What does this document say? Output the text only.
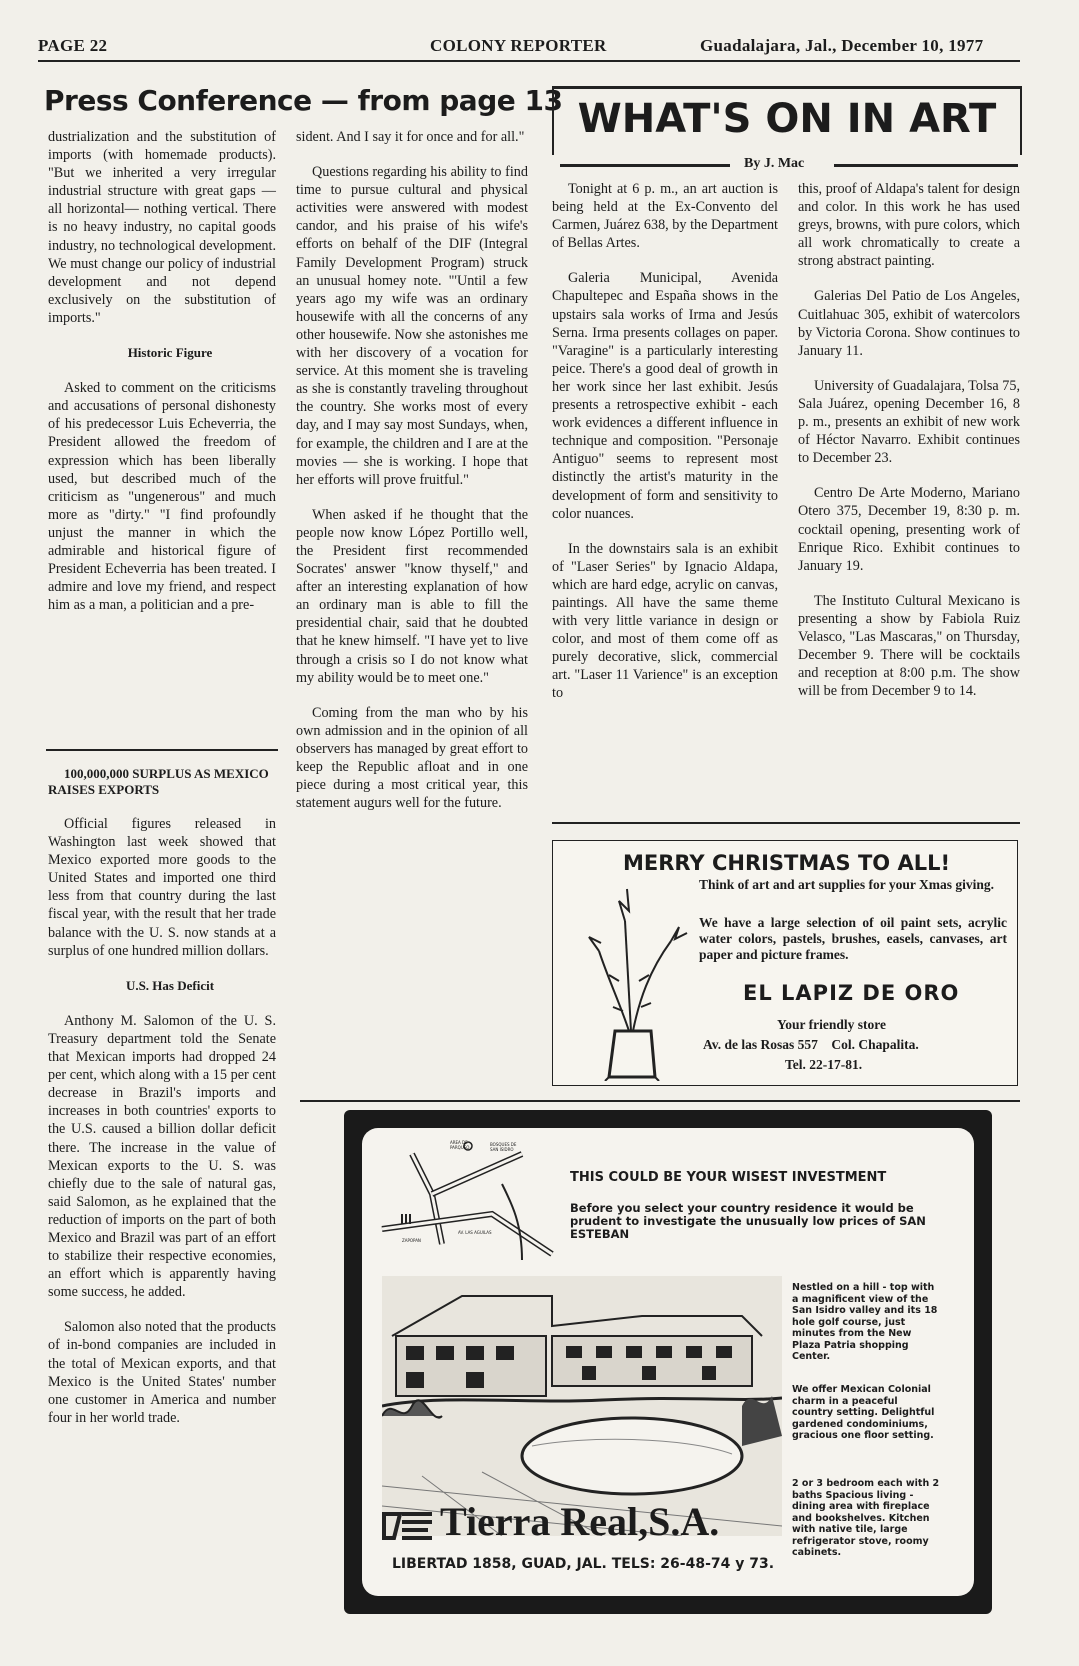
PAGE 22	COLONY REPORTER	Guadalajara, Jal., December 10, 1977
Press Conference — from page 13

dustrialization and the substitution of imports (with homemade products). "But we inherited a very irregular industrial structure with great gaps —all horizontal— nothing vertical. There is no heavy industry, no capital goods industry, no technological development. We must change our policy of industrial development and not depend exclusively on the substitution of imports."

Historic Figure

Asked to comment on the criticisms and accusations of personal dishonesty of his predecessor Luis Echeverria, the President allowed the freedom of expression which has been liberally used, but described much of the criticism as "ungenerous" and much more as "dirty." "I find profoundly unjust the manner in which the admirable and historical figure of President Echeverria has been treated. I admire and love my friend, and respect him as a man, a politician and a pre-

sident. And I say it for once and for all."

Questions regarding his ability to find time to pursue cultural and physical activities were answered with modest candor, and his praise of his wife's efforts on behalf of the DIF (Integral Family Development Program) struck an unusual homey note. "'Until a few years ago my wife was an ordinary housewife with all the concerns of any other housewife. Now she astonishes me with her discovery of a vocation for service. At this moment she is traveling as she is constantly traveling throughout the country. She works most of every day, and I may say most Sundays, when, for example, the children and I are at the movies — she is working. I hope that her efforts will prove fruitful."

When asked if he thought that the people now know López Portillo well, the President first recommended Socrates' answer "know thyself," and after an interesting explanation of how an ordinary man is able to fill the presidential chair, said that he doubted that he knew himself. "I have yet to live through a crisis so I do not know what my ability would be to meet one."

Coming from the man who by his own admission and in the opinion of all observers has managed by great effort to keep the Republic afloat and in one piece during a most critical year, this statement augurs well for the future.

100,000,000 SURPLUS AS MEXICO RAISES EXPORTS

Official figures released in Washington last week showed that Mexico exported more goods to the United States and imported one third less from that country during the last fiscal year, with the result that her trade balance with the U. S. now stands at a surplus of one hundred million dollars.

U.S. Has Deficit

Anthony M. Salomon of the U. S. Treasury department told the Senate that Mexican imports had dropped 24 per cent, which along with a 15 per cent decrease in Brazil's imports and increases in both countries' exports to the U.S. caused a billion dollar deficit there. The increase in the value of Mexican exports to the U. S. was chiefly due to the sale of natural gas, said Salomon, as he explained that the reduction of imports on the part of both Mexico and Brazil was part of an effort to stabilize their respective economies, an effort which is apparently having some success, he added.

Salomon also noted that the products of in-bond companies are included in the total of Mexican exports, and that Mexico is the United States' number one customer in America and number four in her world trade.

WHAT'S ON IN ART
By J. Mac

Tonight at 6 p. m., an art auction is being held at the Ex-Convento del Carmen, Juárez 638, by the Department of Bellas Artes.

Galeria Municipal, Avenida Chapultepec and España shows in the upstairs sala works of Irma and Jesús Serna. Irma presents collages on paper. "Varagine" is a particularly interesting peice. There's a good deal of growth in her work since her last exhibit. Jesús presents a retrospective exhibit - each work evidences a different influence in technique and composition. "Personaje Antiguo" seems to represent most distinctly the artist's maturity in the development of form and sensitivity to color nuances.

In the downstairs sala is an exhibit of "Laser Series" by Ignacio Aldapa, which are hard edge, acrylic on canvas, paintings. All have the same theme with very little variance in design or color, and most of them come off as purely decorative, slick, commercial art. "Laser 11 Varience" is an exception to

this, proof of Aldapa's talent for design and color. In this work he has used greys, browns, with pure colors, which all work chromatically to create a strong abstract painting.

Galerias Del Patio de Los Angeles, Cuitlahuac 305, exhibit of watercolors by Victoria Corona. Show continues to January 11.

University of Guadalajara, Tolsa 75, Sala Juárez, opening December 16, 8 p. m., presents an exhibit of new work of Héctor Navarro. Exhibit continues to December 23.

Centro De Arte Moderno, Mariano Otero 375, December 19, 8:30 p. m. cocktail opening, presenting work of Enrique Rico. Exhibit continues to January 19.

The Instituto Cultural Mexicano is presenting a show by Fabiola Ruiz Velasco, "Las Mascaras," on Thursday, December 9. There will be cocktails and reception at 8:00 p.m. The show will be from December 9 to 14.

MERRY CHRISTMAS TO ALL!
Think of art and art supplies for your Xmas giving.
We have a large selection of oil paint sets, acrylic water colors, pastels, brushes, easels, canvases, art paper and picture frames.
EL LAPIZ DE ORO
Your friendly store
Av. de las Rosas 557    Col. Chapalita.
Tel. 22-17-81.
AREA DE PARQUEO
BOSQUES DE SAN ISIDRO
ZAPOPAN
AV. LAS AGUILAS
THIS COULD BE YOUR WISEST INVESTMENT
Before you select your country residence it would be prudent to investigate the unusually low prices of SAN ESTEBAN
Nestled on a hill - top with a magnificent view of the San Isidro valley and its 18 hole golf course, just minutes from the New Plaza Patria shopping Center.
We offer Mexican Colonial charm in a peaceful country setting. Delightful gardened condominiums, gracious one floor setting.
2 or 3 bedroom each with 2 baths Spacious living - dining area with fireplace and bookshelves. Kitchen with native tile, large refrigerator stove, roomy cabinets.
Tierra Real,S.A.
LIBERTAD 1858, GUAD, JAL. TELS: 26-48-74 y 73.
